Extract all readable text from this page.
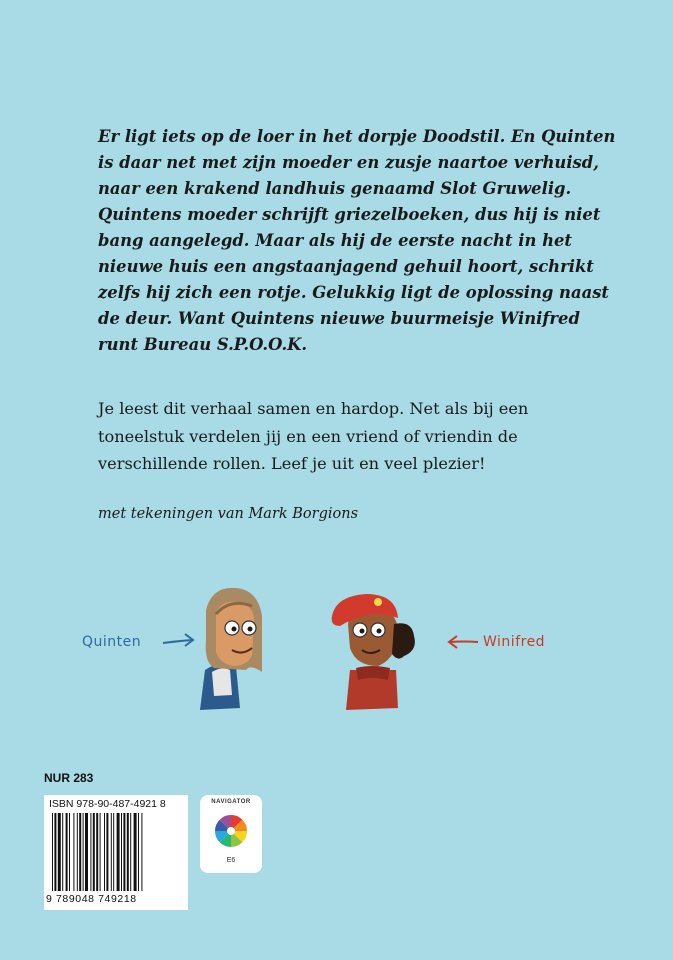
Er ligt iets op de loer in het dorpje Doodstil. En Quinten
is daar net met zijn moeder en zusje naartoe verhuisd,
naar een krakend landhuis genaamd Slot Gruwelig.
Quintens moeder schrijft griezelboeken, dus hij is niet
bang aangelegd. Maar als hij de eerste nacht in het
nieuwe huis een angstaanjagend gehuil hoort, schrikt
zelfs hij zich een rotje. Gelukkig ligt de oplossing naast
de deur. Want Quintens nieuwe buurmeisje Winifred
runt Bureau S.P.O.O.K.
Je leest dit verhaal samen en hardop. Net als bij een
toneelstuk verdelen jij en een vriend of vriendin de
verschillende rollen. Leef je uit en veel plezier!
met tekeningen van Mark Borgions
Quinten	Winifred
NUR 283
ISBN 978-90-487-4921 8
9 789048 749218
NAVIGATOR
E6
